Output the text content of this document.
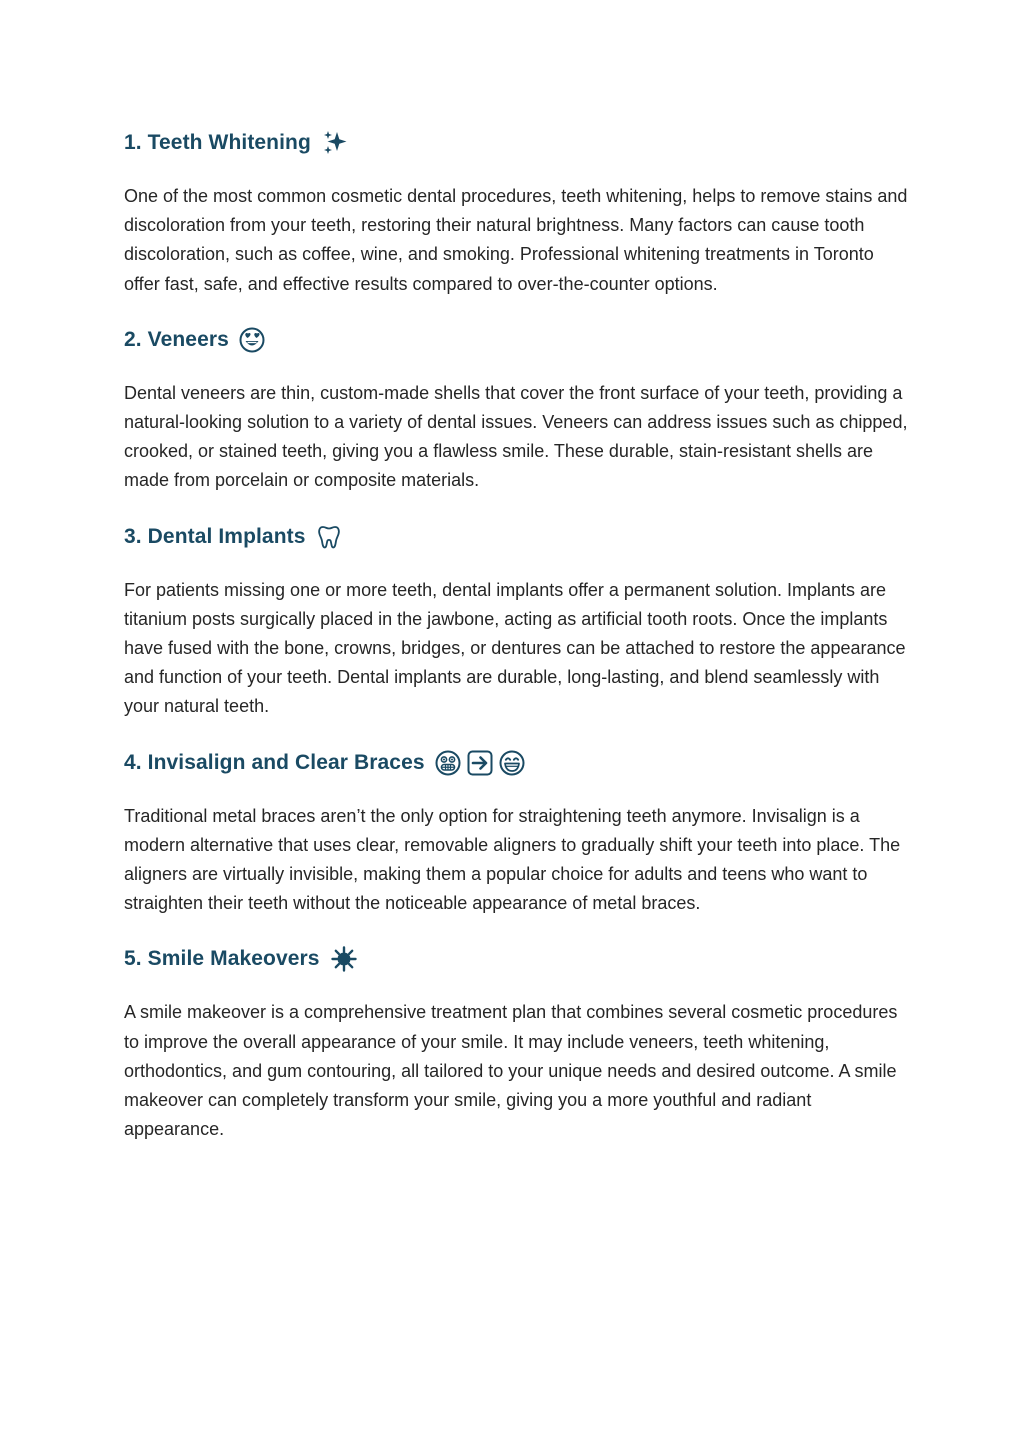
1. Teeth Whitening

One of the most common cosmetic dental procedures, teeth whitening, helps to remove stains and discoloration from your teeth, restoring their natural brightness. Many factors can cause tooth discoloration, such as coffee, wine, and smoking. Professional whitening treatments in Toronto offer fast, safe, and effective results compared to over-the-counter options.

2. Veneers

Dental veneers are thin, custom-made shells that cover the front surface of your teeth, providing a natural-looking solution to a variety of dental issues. Veneers can address issues such as chipped, crooked, or stained teeth, giving you a flawless smile. These durable, stain-resistant shells are made from porcelain or composite materials.

3. Dental Implants

For patients missing one or more teeth, dental implants offer a permanent solution. Implants are titanium posts surgically placed in the jawbone, acting as artificial tooth roots. Once the implants have fused with the bone, crowns, bridges, or dentures can be attached to restore the appearance and function of your teeth. Dental implants are durable, long-lasting, and blend seamlessly with your natural teeth.

4. Invisalign and Clear Braces

Traditional metal braces aren’t the only option for straightening teeth anymore. Invisalign is a modern alternative that uses clear, removable aligners to gradually shift your teeth into place. The aligners are virtually invisible, making them a popular choice for adults and teens who want to straighten their teeth without the noticeable appearance of metal braces.

5. Smile Makeovers

A smile makeover is a comprehensive treatment plan that combines several cosmetic procedures to improve the overall appearance of your smile. It may include veneers, teeth whitening, orthodontics, and gum contouring, all tailored to your unique needs and desired outcome. A smile makeover can completely transform your smile, giving you a more youthful and radiant appearance.
